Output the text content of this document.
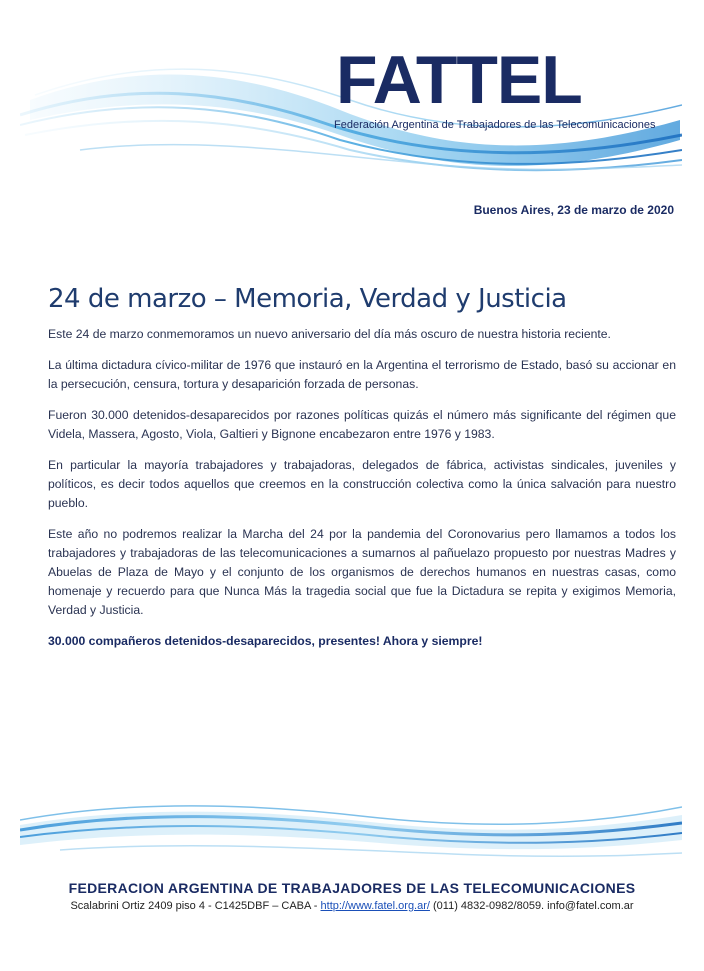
FATTEL
Federación Argentina de Trabajadores de las Telecomunicaciones
Buenos Aires, 23 de marzo de 2020
24 de marzo – Memoria, Verdad y Justicia

Este 24 de marzo conmemoramos un nuevo aniversario del día más oscuro de nuestra historia reciente.

La última dictadura cívico-militar de 1976 que instauró en la Argentina el terrorismo de Estado, basó su accionar en la persecución, censura, tortura y desaparición forzada de personas.

Fueron 30.000 detenidos-desaparecidos por razones políticas quizás el número más significante del régimen que Videla, Massera, Agosto, Viola, Galtieri y Bignone encabezaron entre 1976 y 1983.

En particular la mayoría trabajadores y trabajadoras, delegados de fábrica, activistas sindicales, juveniles y políticos, es decir todos aquellos que creemos en la construcción colectiva como la única salvación para nuestro pueblo.

Este año no podremos realizar la Marcha del 24 por la pandemia del Coronovarius pero llamamos a todos los trabajadores y trabajadoras de las telecomunicaciones a sumarnos al pañuelazo propuesto por nuestras Madres y Abuelas de Plaza de Mayo y el conjunto de los organismos de derechos humanos en nuestras casas, como homenaje y recuerdo para que Nunca Más la tragedia social que fue la Dictadura se repita y exigimos Memoria, Verdad y Justicia.

30.000 compañeros detenidos-desaparecidos, presentes! Ahora y siempre!

FEDERACION ARGENTINA DE TRABAJADORES DE LAS TELECOMUNICACIONES
Scalabrini Ortiz 2409 piso 4 - C1425DBF – CABA - http://www.fatel.org.ar/ (011) 4832-0982/8059. info@fatel.com.ar
